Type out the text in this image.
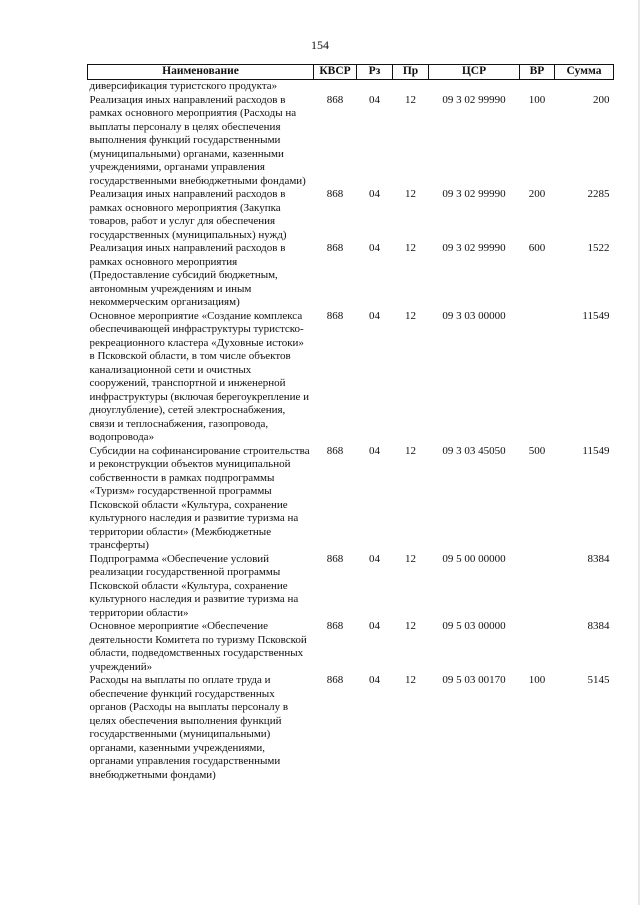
154
Наименование	КВСР	Рз	Пр	ЦСР	ВР	Сумма
диверсификация туристского продукта»						
Реализация иных направлений расходов в рамках основного мероприятия (Расходы на выплаты персоналу в целях обеспечения выполнения функций государственными (муниципальными) органами, казенными учреждениями, органами управления государственными внебюджетными фондами)	868	04	12	09 3 02 99990	100	200
Реализация иных направлений расходов в рамках основного мероприятия (Закупка товаров, работ и услуг для обеспечения государственных (муниципальных) нужд)	868	04	12	09 3 02 99990	200	2285
Реализация иных направлений расходов в рамках основного мероприятия (Предоставление субсидий бюджетным, автономным учреждениям и иным некоммерческим организациям)	868	04	12	09 3 02 99990	600	1522
Основное мероприятие «Создание комплекса обеспечивающей инфраструктуры туристско-рекреационного кластера «Духовные истоки» в Псковской области, в том числе объектов канализационной сети и очистных сооружений, транспортной и инженерной инфраструктуры (включая берегоукрепление и дноуглубление), сетей электроснабжения, связи и теплоснабжения, газопровода, водопровода»	868	04	12	09 3 03 00000		11549
Субсидии на софинансирование строительства и реконструкции объектов муниципальной собственности в рамках подпрограммы «Туризм» государственной программы Псковской области «Культура, сохранение культурного наследия и развитие туризма на территории области» (Межбюджетные трансферты)	868	04	12	09 3 03 45050	500	11549
Подпрограмма «Обеспечение условий реализации государственной программы Псковской области «Культура, сохранение культурного наследия и развитие туризма на территории области»	868	04	12	09 5 00 00000		8384
Основное мероприятие «Обеспечение деятельности Комитета по туризму Псковской области, подведомственных государственных учреждений»	868	04	12	09 5 03 00000		8384
Расходы на выплаты по оплате труда и обеспечение функций государственных органов (Расходы на выплаты персоналу в целях обеспечения выполнения функций государственными (муниципальными) органами, казенными учреждениями, органами управления государственными внебюджетными фондами)	868	04	12	09 5 03 00170	100	5145
